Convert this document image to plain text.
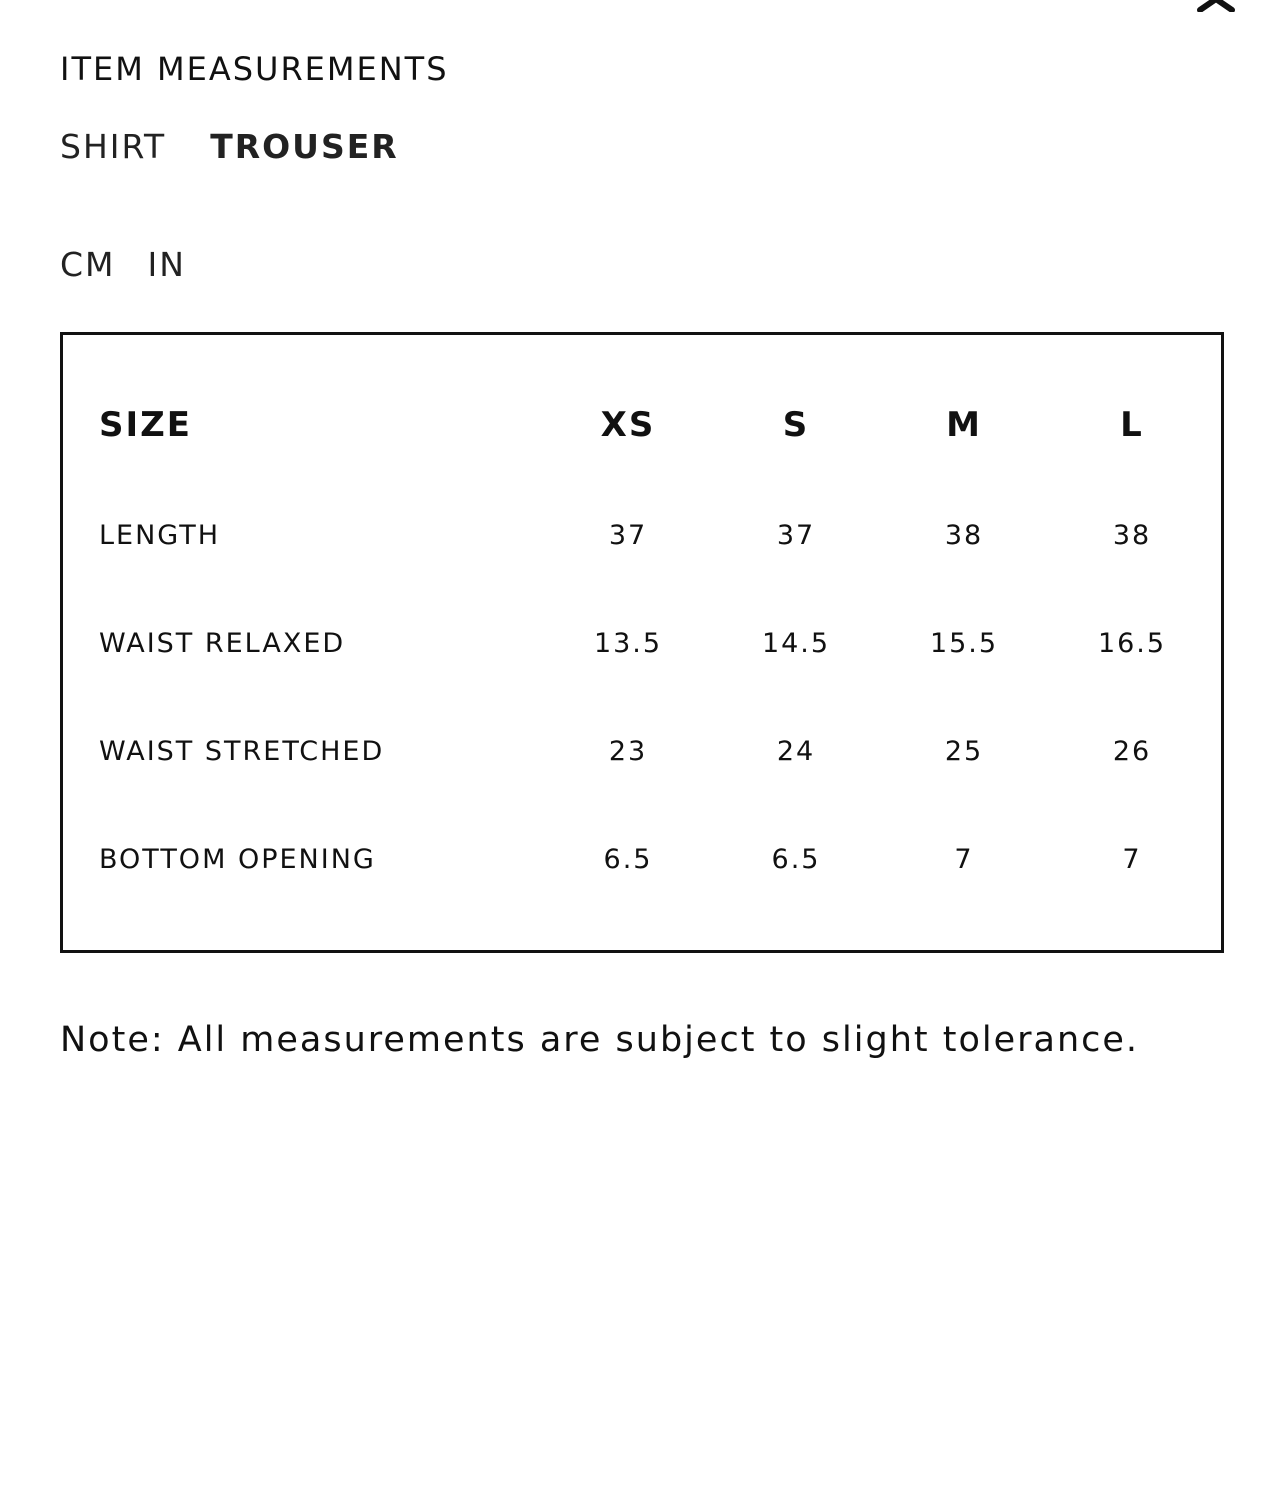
ITEM MEASUREMENTS
SHIRT TROUSER
CM IN
SIZE	XS	S	M	L
LENGTH	37	37	38	38
WAIST RELAXED	13.5	14.5	15.5	16.5
WAIST STRETCHED	23	24	25	26
BOTTOM OPENING	6.5	6.5	7	7
Note: All measurements are subject to slight tolerance.
